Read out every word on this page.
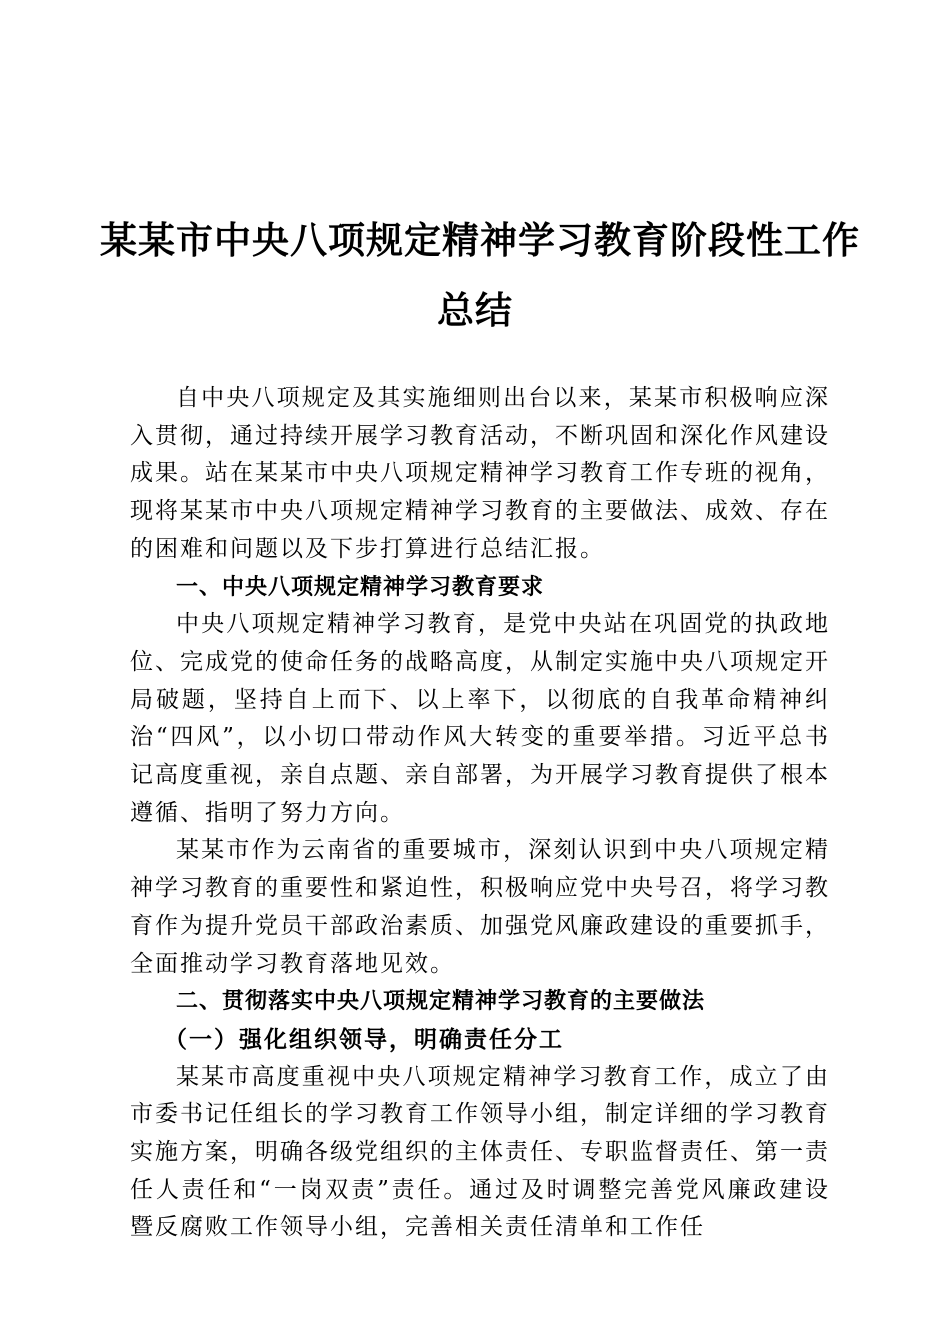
某某市中央八项规定精神学习教育阶段性工作
总结

自中央八项规定及其实施细则出台以来，某某市积极响应深入贯彻，通过持续开展学习教育活动，不断巩固和深化作风建设成果。站在某某市中央八项规定精神学习教育工作专班的视角，现将某某市中央八项规定精神学习教育的主要做法、成效、存在的困难和问题以及下步打算进行总结汇报。

一、中央八项规定精神学习教育要求

中央八项规定精神学习教育，是党中央站在巩固党的执政地位、完成党的使命任务的战略高度，从制定实施中央八项规定开局破题，坚持自上而下、以上率下，以彻底的自我革命精神纠治“四风”，以小切口带动作风大转变的重要举措。习近平总书记高度重视，亲自点题、亲自部署，为开展学习教育提供了根本遵循、指明了努力方向。

某某市作为云南省的重要城市，深刻认识到中央八项规定精神学习教育的重要性和紧迫性，积极响应党中央号召，将学习教育作为提升党员干部政治素质、加强党风廉政建设的重要抓手，全面推动学习教育落地见效。

二、贯彻落实中央八项规定精神学习教育的主要做法

（一）强化组织领导，明确责任分工

某某市高度重视中央八项规定精神学习教育工作，成立了由市委书记任组长的学习教育工作领导小组，制定详细的学习教育实施方案，明确各级党组织的主体责任、专职监督责任、第一责任人责任和“一岗双责”责任。通过及时调整完善党风廉政建设暨反腐败工作领导小组，完善相关责任清单和工作任
